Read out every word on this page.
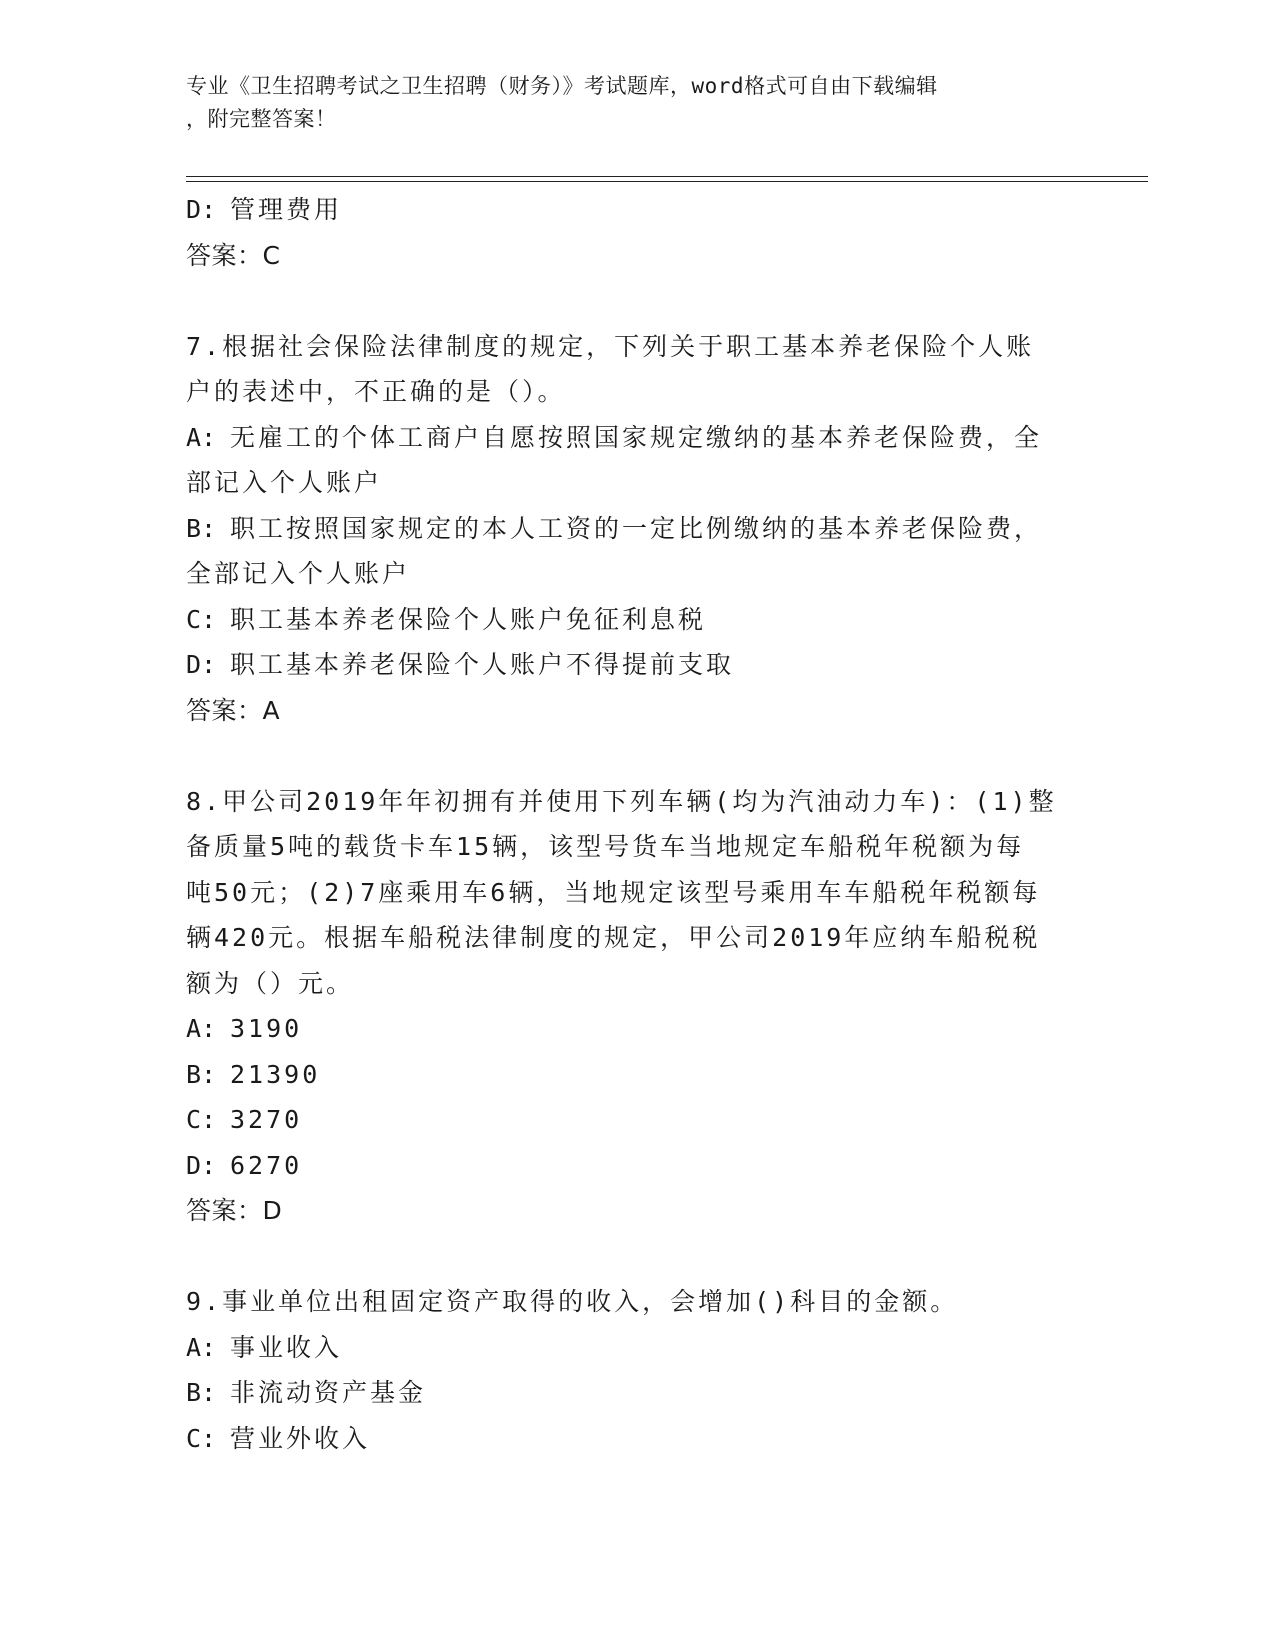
专业《卫生招聘考试之卫生招聘（财务）》考试题库，word格式可自由下载编辑
，附完整答案！
D: 管理费用
答案：C
7.根据社会保险法律制度的规定，下列关于职工基本养老保险个人账
户的表述中，不正确的是（）。
A: 无雇工的个体工商户自愿按照国家规定缴纳的基本养老保险费，全
部记入个人账户
B: 职工按照国家规定的本人工资的一定比例缴纳的基本养老保险费，
全部记入个人账户
C: 职工基本养老保险个人账户免征利息税
D: 职工基本养老保险个人账户不得提前支取
答案：A
8.甲公司2019年年初拥有并使用下列车辆(均为汽油动力车)：(1)整
备质量5吨的载货卡车15辆，该型号货车当地规定车船税年税额为每
吨50元；(2)7座乘用车6辆，当地规定该型号乘用车车船税年税额每
辆420元。根据车船税法律制度的规定，甲公司2019年应纳车船税税
额为（）元。
A: 3190
B: 21390
C: 3270
D: 6270
答案：D
9.事业单位出租固定资产取得的收入，会增加()科目的金额。
A: 事业收入
B: 非流动资产基金
C: 营业外收入
